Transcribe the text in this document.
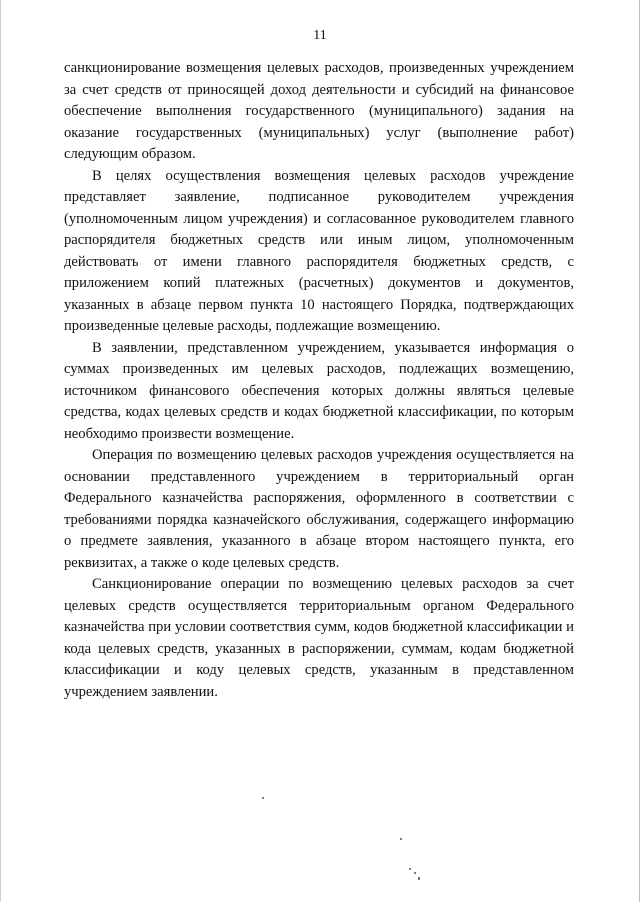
11

санкционирование возмещения целевых расходов, произведенных учреждением за счет средств от приносящей доход деятельности и субсидий на финансовое обеспечение выполнения государственного (муниципального) задания на оказание государственных (муниципальных) услуг (выполнение работ) следующим образом.

В целях осуществления возмещения целевых расходов учреждение представляет заявление, подписанное руководителем учреждения (уполномоченным лицом учреждения) и согласованное руководителем главного распорядителя бюджетных средств или иным лицом, уполномоченным действовать от имени главного распорядителя бюджетных средств, с приложением копий платежных (расчетных) документов и документов, указанных в абзаце первом пункта 10 настоящего Порядка, подтверждающих произведенные целевые расходы, подлежащие возмещению.

В заявлении, представленном учреждением, указывается информация о суммах произведенных им целевых расходов, подлежащих возмещению, источником финансового обеспечения которых должны являться целевые средства, кодах целевых средств и кодах бюджетной классификации, по которым необходимо произвести возмещение.

Операция по возмещению целевых расходов учреждения осуществляется на основании представленного учреждением в территориальный орган Федерального казначейства распоряжения, оформленного в соответствии с требованиями порядка казначейского обслуживания, содержащего информацию о предмете заявления, указанного в абзаце втором настоящего пункта, его реквизитах, а также о коде целевых средств.

Санкционирование операции по возмещению целевых расходов за счет целевых средств осуществляется территориальным органом Федерального казначейства при условии соответствия сумм, кодов бюджетной классификации и кода целевых средств, указанных в распоряжении, суммам, кодам бюджетной классификации и коду целевых средств, указанным в представленном учреждением заявлении.
